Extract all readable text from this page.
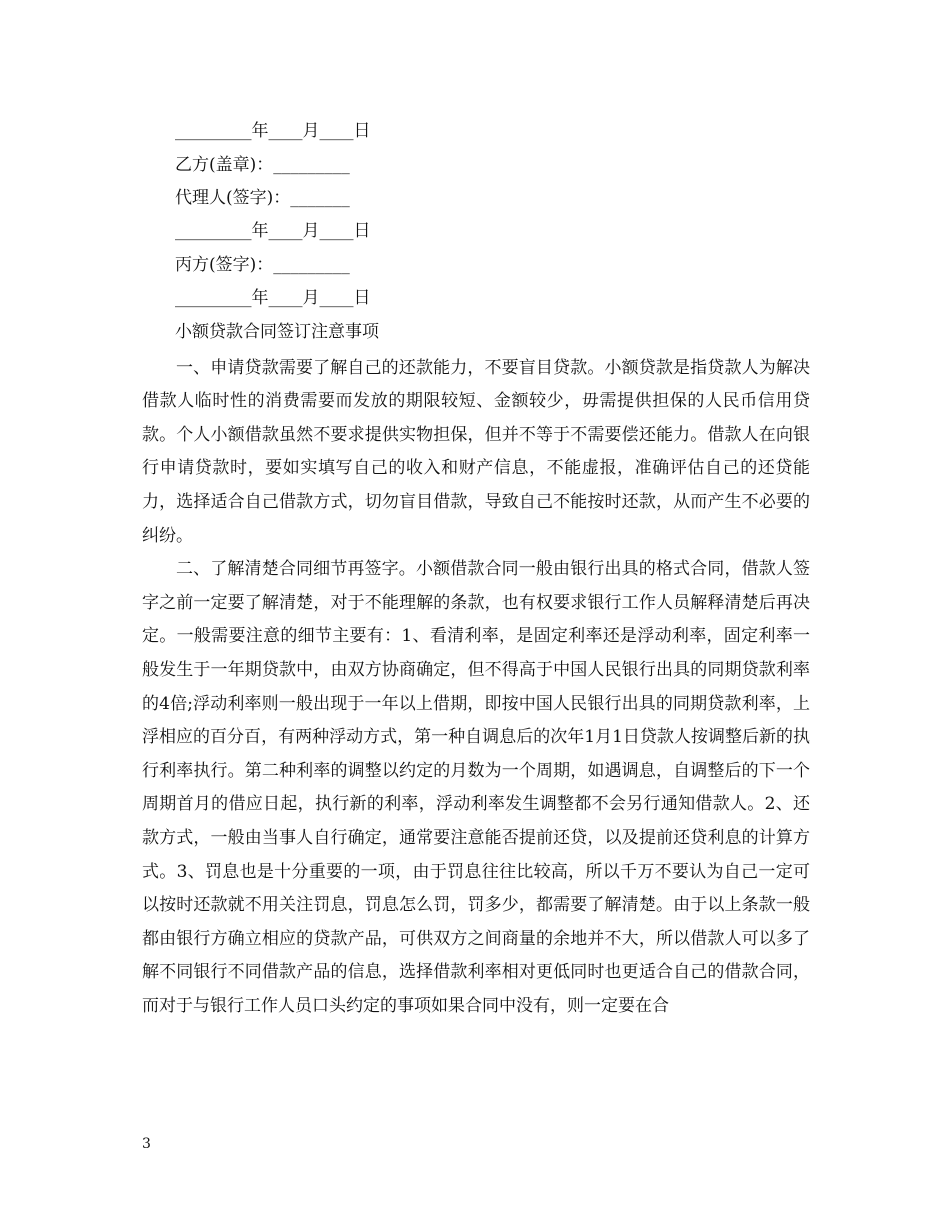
_________年____月____日
乙方(盖章)：_________
代理人(签字)：_______
_________年____月____日
丙方(签字)：_________
_________年____月____日
小额贷款合同签订注意事项

一、申请贷款需要了解自己的还款能力，不要盲目贷款。小额贷款是指贷款人为解决借款人临时性的消费需要而发放的期限较短、金额较少，毋需提供担保的人民币信用贷款。个人小额借款虽然不要求提供实物担保，但并不等于不需要偿还能力。借款人在向银行申请贷款时，要如实填写自己的收入和财产信息，不能虚报，准确评估自己的还贷能力，选择适合自己借款方式，切勿盲目借款，导致自己不能按时还款，从而产生不必要的纠纷。

二、了解清楚合同细节再签字。小额借款合同一般由银行出具的格式合同，借款人签字之前一定要了解清楚，对于不能理解的条款，也有权要求银行工作人员解释清楚后再决定。一般需要注意的细节主要有：1、看清利率，是固定利率还是浮动利率，固定利率一般发生于一年期贷款中，由双方协商确定，但不得高于中国人民银行出具的同期贷款利率的4倍;浮动利率则一般出现于一年以上借期，即按中国人民银行出具的同期贷款利率，上浮相应的百分百，有两种浮动方式，第一种自调息后的次年1月1日贷款人按调整后新的执行利率执行。第二种利率的调整以约定的月数为一个周期，如遇调息，自调整后的下一个周期首月的借应日起，执行新的利率，浮动利率发生调整都不会另行通知借款人。2、还款方式，一般由当事人自行确定，通常要注意能否提前还贷，以及提前还贷利息的计算方式。3、罚息也是十分重要的一项，由于罚息往往比较高，所以千万不要认为自己一定可以按时还款就不用关注罚息，罚息怎么罚，罚多少，都需要了解清楚。由于以上条款一般都由银行方确立相应的贷款产品，可供双方之间商量的余地并不大，所以借款人可以多了解不同银行不同借款产品的信息，选择借款利率相对更低同时也更适合自己的借款合同，而对于与银行工作人员口头约定的事项如果合同中没有，则一定要在合

3
